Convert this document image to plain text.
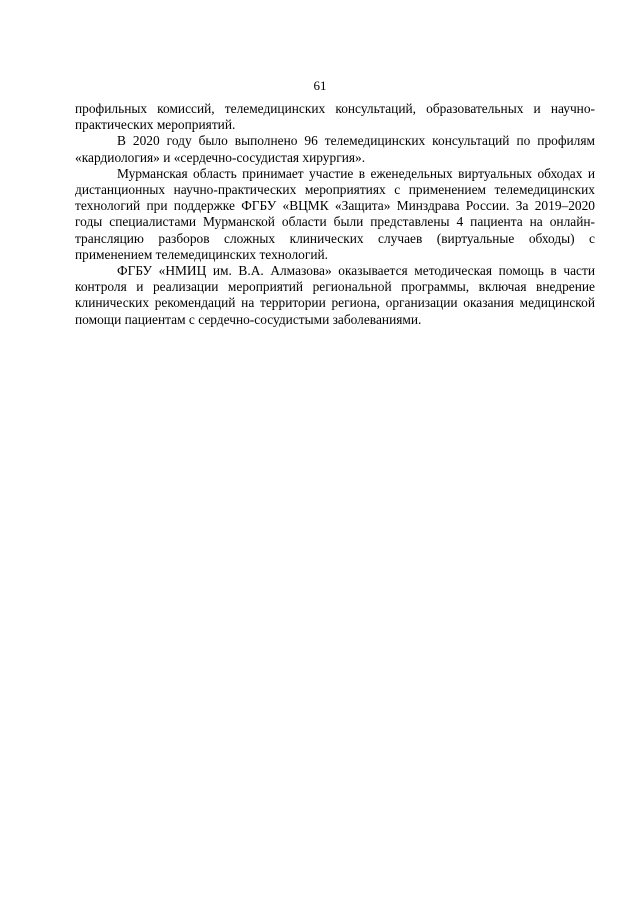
61

профильных комиссий, телемедицинских консультаций, образовательных и научно-практических мероприятий.

В 2020 году было выполнено 96 телемедицинских консультаций по профилям «кардиология» и «сердечно-сосудистая хирургия».

Мурманская область принимает участие в еженедельных виртуальных обходах и дистанционных научно-практических мероприятиях с применением телемедицинских технологий при поддержке ФГБУ «ВЦМК «Защита» Минздрава России. За 2019–2020 годы специалистами Мурманской области были представлены 4 пациента на онлайн-трансляцию разборов сложных клинических случаев (виртуальные обходы) с применением телемедицинских технологий.

ФГБУ «НМИЦ им. В.А. Алмазова» оказывается методическая помощь в части контроля и реализации мероприятий региональной программы, включая внедрение клинических рекомендаций на территории региона, организации оказания медицинской помощи пациентам с сердечно-сосудистыми заболеваниями.
